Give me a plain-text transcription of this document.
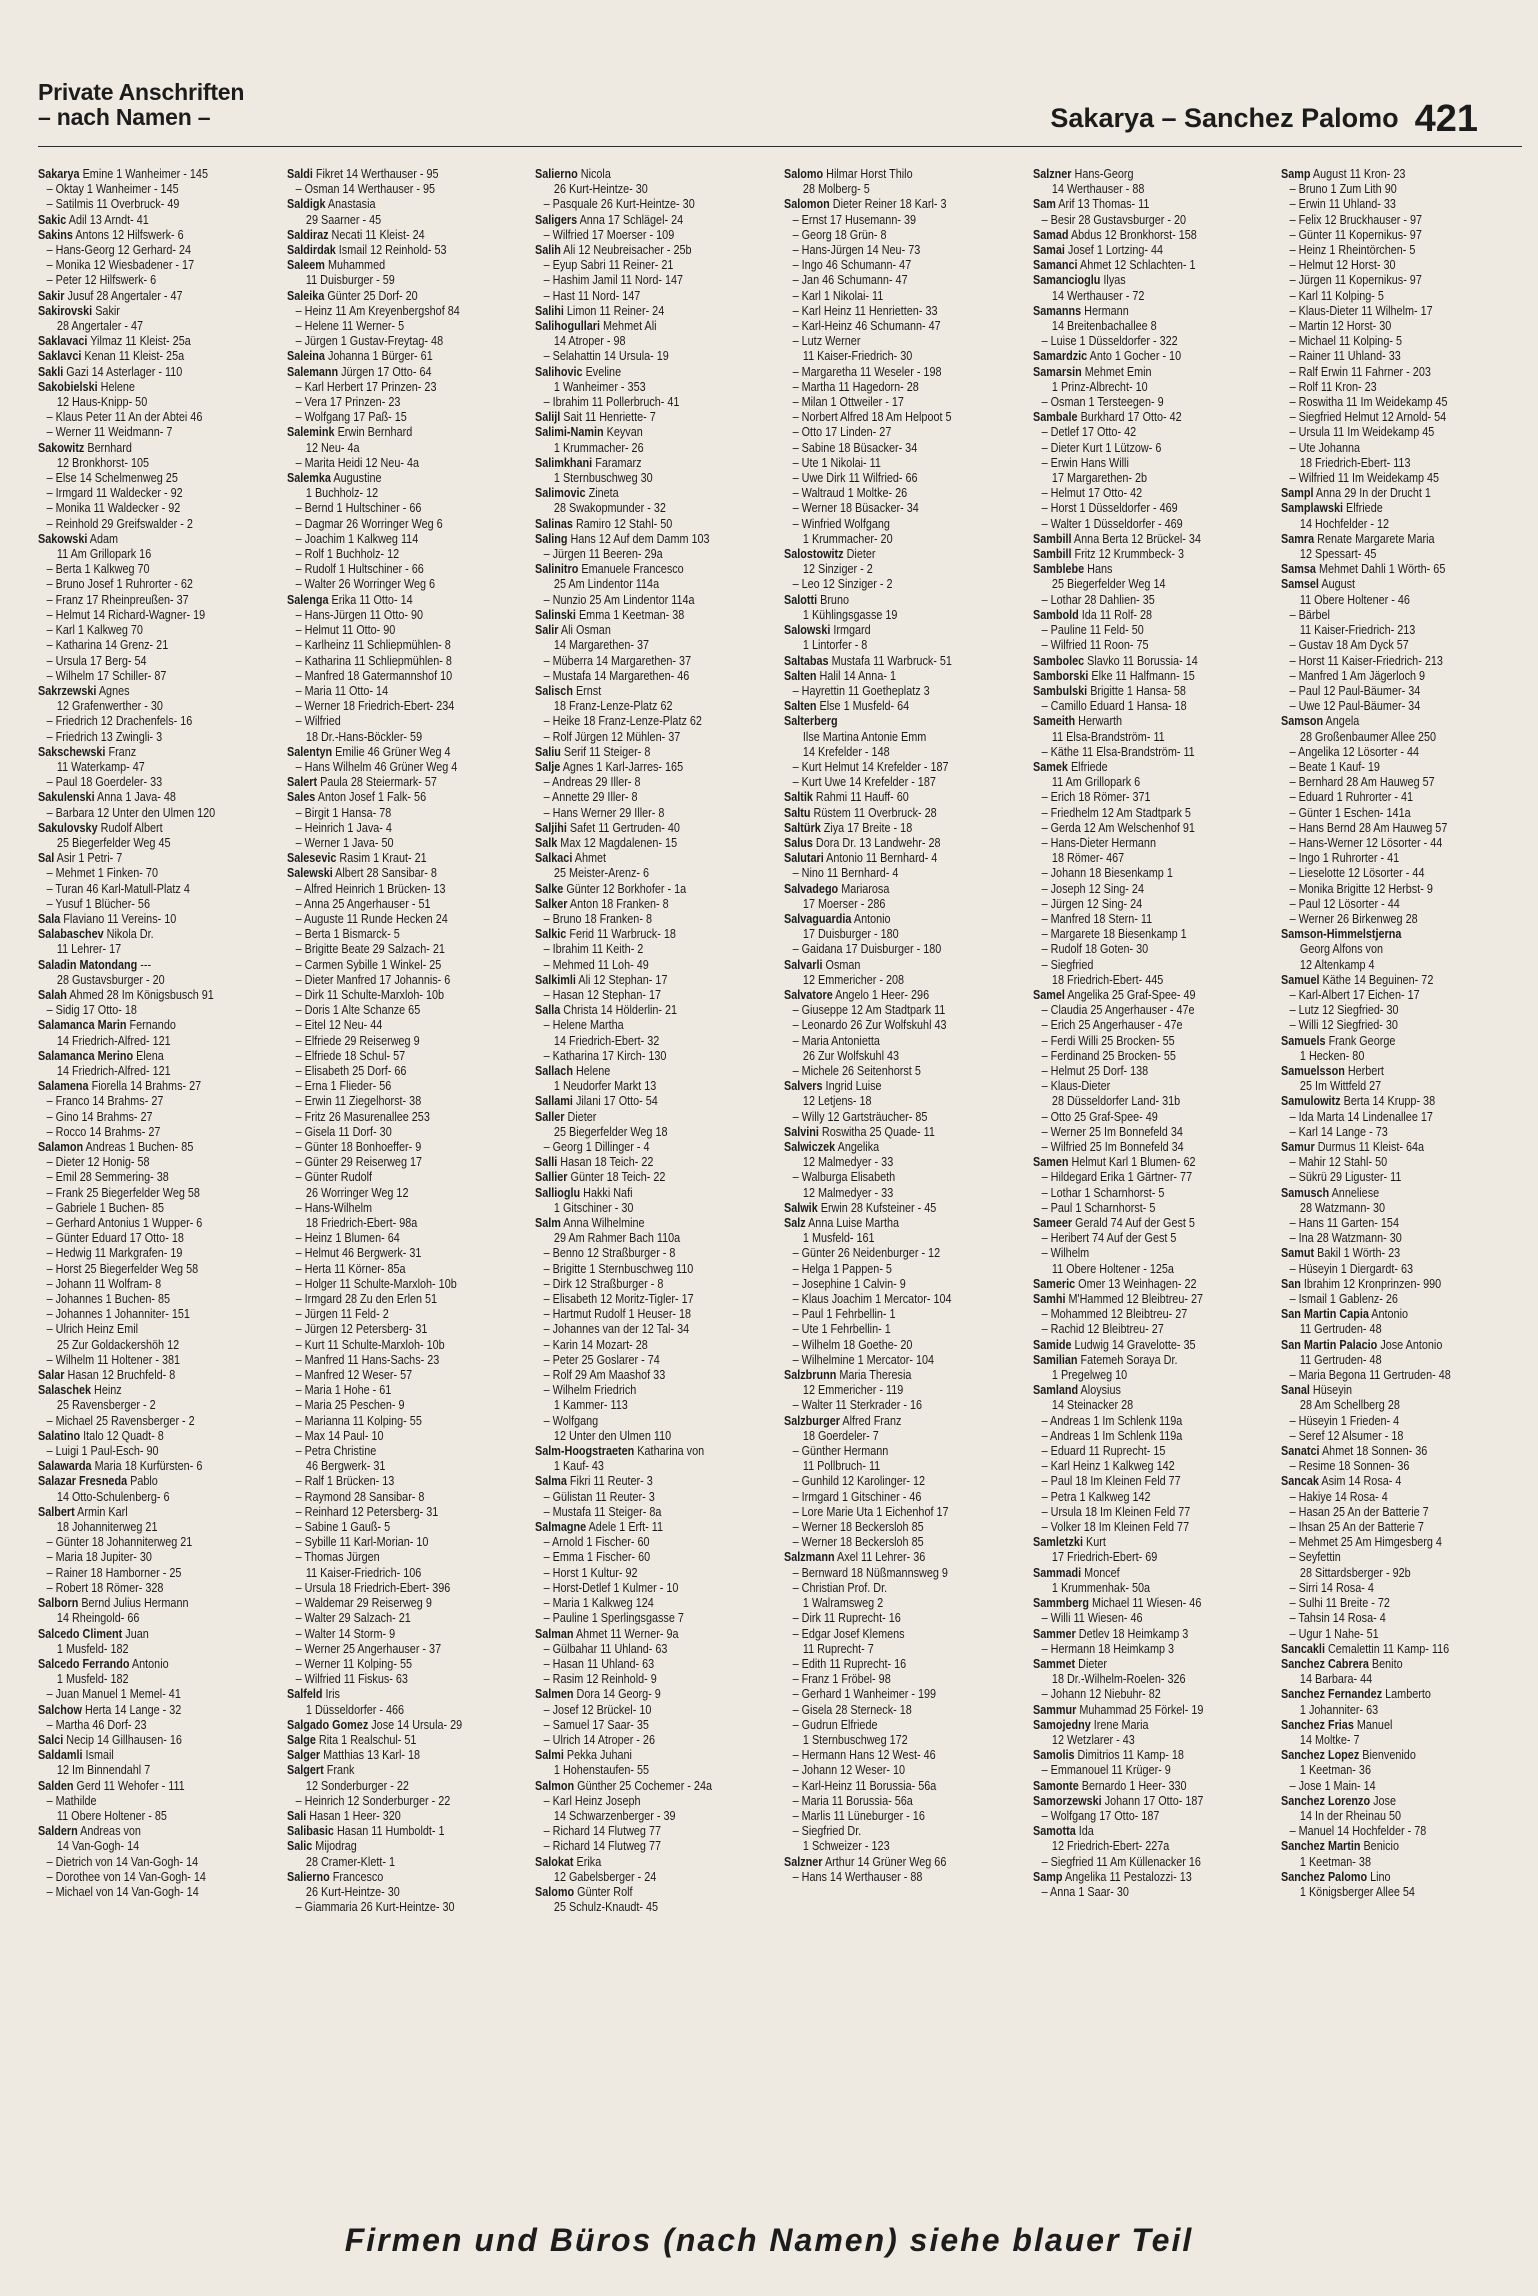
Private Anschriften
– nach Namen –	Sakarya – Sanchez Palomo 421
Sakarya Emine 1 Wanheimer - 145
– Oktay 1 Wanheimer - 145
– Satilmis 11 Overbruck- 49
Sakic Adil 13 Arndt- 41
Sakins Antons 12 Hilfswerk- 6
– Hans-Georg 12 Gerhard- 24
– Monika 12 Wiesbadener - 17
– Peter 12 Hilfswerk- 6
Sakir Jusuf 28 Angertaler - 47
Sakirovski Sakir
28 Angertaler - 47
Saklavaci Yilmaz 11 Kleist- 25a
Saklavci Kenan 11 Kleist- 25a
Sakli Gazi 14 Asterlager - 110
Sakobielski Helene
12 Haus-Knipp- 50
– Klaus Peter 11 An der Abtei 46
– Werner 11 Weidmann- 7
Sakowitz Bernhard
12 Bronkhorst- 105
– Else 14 Schelmenweg 25
– Irmgard 11 Waldecker - 92
– Monika 11 Waldecker - 92
– Reinhold 29 Greifswalder - 2
Sakowski Adam
11 Am Grillopark 16
– Berta 1 Kalkweg 70
– Bruno Josef 1 Ruhrorter - 62
– Franz 17 Rheinpreußen- 37
– Helmut 14 Richard-Wagner- 19
– Karl 1 Kalkweg 70
– Katharina 14 Grenz- 21
– Ursula 17 Berg- 54
– Wilhelm 17 Schiller- 87
Sakrzewski Agnes
12 Grafenwerther - 30
– Friedrich 12 Drachenfels- 16
– Friedrich 13 Zwingli- 3
Sakschewski Franz
11 Waterkamp- 47
– Paul 18 Goerdeler- 33
Sakulenski Anna 1 Java- 48
– Barbara 12 Unter den Ulmen 120
Sakulovsky Rudolf Albert
25 Biegerfelder Weg 45
Sal Asir 1 Petri- 7
– Mehmet 1 Finken- 70
– Turan 46 Karl-Matull-Platz 4
– Yusuf 1 Blücher- 56
Sala Flaviano 11 Vereins- 10
Salabaschev Nikola Dr.
11 Lehrer- 17
Saladin Matondang ---
28 Gustavsburger - 20
Salah Ahmed 28 Im Königsbusch 91
– Sidig 17 Otto- 18
Salamanca Marin Fernando
14 Friedrich-Alfred- 121
Salamanca Merino Elena
14 Friedrich-Alfred- 121
Salamena Fiorella 14 Brahms- 27
– Franco 14 Brahms- 27
– Gino 14 Brahms- 27
– Rocco 14 Brahms- 27
Salamon Andreas 1 Buchen- 85
– Dieter 12 Honig- 58
– Emil 28 Semmering- 38
– Frank 25 Biegerfelder Weg 58
– Gabriele 1 Buchen- 85
– Gerhard Antonius 1 Wupper- 6
– Günter Eduard 17 Otto- 18
– Hedwig 11 Markgrafen- 19
– Horst 25 Biegerfelder Weg 58
– Johann 11 Wolfram- 8
– Johannes 1 Buchen- 85
– Johannes 1 Johanniter- 151
– Ulrich Heinz Emil
25 Zur Goldackershöh 12
– Wilhelm 11 Holtener - 381
Salar Hasan 12 Bruchfeld- 8
Salaschek Heinz
25 Ravensberger - 2
– Michael 25 Ravensberger - 2
Salatino Italo 12 Quadt- 8
– Luigi 1 Paul-Esch- 90
Salawarda Maria 18 Kurfürsten- 6
Salazar Fresneda Pablo
14 Otto-Schulenberg- 6
Salbert Armin Karl
18 Johanniterweg 21
– Günter 18 Johanniterweg 21
– Maria 18 Jupiter- 30
– Rainer 18 Hamborner - 25
– Robert 18 Römer- 328
Salborn Bernd Julius Hermann
14 Rheingold- 66
Salcedo Climent Juan
1 Musfeld- 182
Salcedo Ferrando Antonio
1 Musfeld- 182
– Juan Manuel 1 Memel- 41
Salchow Herta 14 Lange - 32
– Martha 46 Dorf- 23
Salci Necip 14 Gillhausen- 16
Saldamli Ismail
12 Im Binnendahl 7
Salden Gerd 11 Wehofer - 111
– Mathilde
11 Obere Holtener - 85
Saldern Andreas von
14 Van-Gogh- 14
– Dietrich von 14 Van-Gogh- 14
– Dorothee von 14 Van-Gogh- 14
– Michael von 14 Van-Gogh- 14
Saldi Fikret 14 Werthauser - 95
– Osman 14 Werthauser - 95
Saldigk Anastasia
29 Saarner - 45
Saldiraz Necati 11 Kleist- 24
Saldirdak Ismail 12 Reinhold- 53
Saleem Muhammed
11 Duisburger - 59
Saleika Günter 25 Dorf- 20
– Heinz 11 Am Kreyenbergshof 84
– Helene 11 Werner- 5
– Jürgen 1 Gustav-Freytag- 48
Saleina Johanna 1 Bürger- 61
Salemann Jürgen 17 Otto- 64
– Karl Herbert 17 Prinzen- 23
– Vera 17 Prinzen- 23
– Wolfgang 17 Paß- 15
Salemink Erwin Bernhard
12 Neu- 4a
– Marita Heidi 12 Neu- 4a
Salemka Augustine
1 Buchholz- 12
– Bernd 1 Hultschiner - 66
– Dagmar 26 Worringer Weg 6
– Joachim 1 Kalkweg 114
– Rolf 1 Buchholz- 12
– Rudolf 1 Hultschiner - 66
– Walter 26 Worringer Weg 6
Salenga Erika 11 Otto- 14
– Hans-Jürgen 11 Otto- 90
– Helmut 11 Otto- 90
– Karlheinz 11 Schliepmühlen- 8
– Katharina 11 Schliepmühlen- 8
– Manfred 18 Gatermannshof 10
– Maria 11 Otto- 14
– Werner 18 Friedrich-Ebert- 234
– Wilfried
18 Dr.-Hans-Böckler- 59
Salentyn Emilie 46 Grüner Weg 4
– Hans Wilhelm 46 Grüner Weg 4
Salert Paula 28 Steiermark- 57
Sales Anton Josef 1 Falk- 56
– Birgit 1 Hansa- 78
– Heinrich 1 Java- 4
– Werner 1 Java- 50
Salesevic Rasim 1 Kraut- 21
Salewski Albert 28 Sansibar- 8
– Alfred Heinrich 1 Brücken- 13
– Anna 25 Angerhauser - 51
– Auguste 11 Runde Hecken 24
– Berta 1 Bismarck- 5
– Brigitte Beate 29 Salzach- 21
– Carmen Sybille 1 Winkel- 25
– Dieter Manfred 17 Johannis- 6
– Dirk 11 Schulte-Marxloh- 10b
– Doris 1 Alte Schanze 65
– Eitel 12 Neu- 44
– Elfriede 29 Reiserweg 9
– Elfriede 18 Schul- 57
– Elisabeth 25 Dorf- 66
– Erna 1 Flieder- 56
– Erwin 11 Ziegelhorst- 38
– Fritz 26 Masurenallee 253
– Gisela 11 Dorf- 30
– Günter 18 Bonhoeffer- 9
– Günter 29 Reiserweg 17
– Günter Rudolf
26 Worringer Weg 12
– Hans-Wilhelm
18 Friedrich-Ebert- 98a
– Heinz 1 Blumen- 64
– Helmut 46 Bergwerk- 31
– Herta 11 Körner- 85a
– Holger 11 Schulte-Marxloh- 10b
– Irmgard 28 Zu den Erlen 51
– Jürgen 11 Feld- 2
– Jürgen 12 Petersberg- 31
– Kurt 11 Schulte-Marxloh- 10b
– Manfred 11 Hans-Sachs- 23
– Manfred 12 Weser- 57
– Maria 1 Hohe - 61
– Maria 25 Peschen- 9
– Marianna 11 Kolping- 55
– Max 14 Paul- 10
– Petra Christine
46 Bergwerk- 31
– Ralf 1 Brücken- 13
– Raymond 28 Sansibar- 8
– Reinhard 12 Petersberg- 31
– Sabine 1 Gauß- 5
– Sybille 11 Karl-Morian- 10
– Thomas Jürgen
11 Kaiser-Friedrich- 106
– Ursula 18 Friedrich-Ebert- 396
– Waldemar 29 Reiserweg 9
– Walter 29 Salzach- 21
– Walter 14 Storm- 9
– Werner 25 Angerhauser - 37
– Werner 11 Kolping- 55
– Wilfried 11 Fiskus- 63
Salfeld Iris
1 Düsseldorfer - 466
Salgado Gomez Jose 14 Ursula- 29
Salge Rita 1 Realschul- 51
Salger Matthias 13 Karl- 18
Salgert Frank
12 Sonderburger - 22
– Heinrich 12 Sonderburger - 22
Sali Hasan 1 Heer- 320
Salibasic Hasan 11 Humboldt- 1
Salic Mijodrag
28 Cramer-Klett- 1
Salierno Francesco
26 Kurt-Heintze- 30
– Giammaria 26 Kurt-Heintze- 30
Salierno Nicola
26 Kurt-Heintze- 30
– Pasquale 26 Kurt-Heintze- 30
Saligers Anna 17 Schlägel- 24
– Wilfried 17 Moerser - 109
Salih Ali 12 Neubreisacher - 25b
– Eyup Sabri 11 Reiner- 21
– Hashim Jamil 11 Nord- 147
– Hast 11 Nord- 147
Salihi Limon 11 Reiner- 24
Salihogullari Mehmet Ali
14 Atroper - 98
– Selahattin 14 Ursula- 19
Salihovic Eveline
1 Wanheimer - 353
– Ibrahim 11 Pollerbruch- 41
Salijl Sait 11 Henriette- 7
Salimi-Namin Keyvan
1 Krummacher- 26
Salimkhani Faramarz
1 Sternbuschweg 30
Salimovic Zineta
28 Swakopmunder - 32
Salinas Ramiro 12 Stahl- 50
Saling Hans 12 Auf dem Damm 103
– Jürgen 11 Beeren- 29a
Salinitro Emanuele Francesco
25 Am Lindentor 114a
– Nunzio 25 Am Lindentor 114a
Salinski Emma 1 Keetman- 38
Salir Ali Osman
14 Margarethen- 37
– Müberra 14 Margarethen- 37
– Mustafa 14 Margarethen- 46
Salisch Ernst
18 Franz-Lenze-Platz 62
– Heike 18 Franz-Lenze-Platz 62
– Rolf Jürgen 12 Mühlen- 37
Saliu Serif 11 Steiger- 8
Salje Agnes 1 Karl-Jarres- 165
– Andreas 29 Iller- 8
– Annette 29 Iller- 8
– Hans Werner 29 Iller- 8
Saljihi Safet 11 Gertruden- 40
Salk Max 12 Magdalenen- 15
Salkaci Ahmet
25 Meister-Arenz- 6
Salke Günter 12 Borkhofer - 1a
Salker Anton 18 Franken- 8
– Bruno 18 Franken- 8
Salkic Ferid 11 Warbruck- 18
– Ibrahim 11 Keith- 2
– Mehmed 11 Loh- 49
Salkimli Ali 12 Stephan- 17
– Hasan 12 Stephan- 17
Salla Christa 14 Hölderlin- 21
– Helene Martha
14 Friedrich-Ebert- 32
– Katharina 17 Kirch- 130
Sallach Helene
1 Neudorfer Markt 13
Sallami Jilani 17 Otto- 54
Saller Dieter
25 Biegerfelder Weg 18
– Georg 1 Dillinger - 4
Salli Hasan 18 Teich- 22
Sallier Günter 18 Teich- 22
Sallioglu Hakki Nafi
1 Gitschiner - 30
Salm Anna Wilhelmine
29 Am Rahmer Bach 110a
– Benno 12 Straßburger - 8
– Brigitte 1 Sternbuschweg 110
– Dirk 12 Straßburger - 8
– Elisabeth 12 Moritz-Tigler- 17
– Hartmut Rudolf 1 Heuser- 18
– Johannes van der 12 Tal- 34
– Karin 14 Mozart- 28
– Peter 25 Goslarer - 74
– Rolf 29 Am Maashof 33
– Wilhelm Friedrich
1 Kammer- 113
– Wolfgang
12 Unter den Ulmen 110
Salm-Hoogstraeten Katharina von
1 Kauf- 43
Salma Fikri 11 Reuter- 3
– Gülistan 11 Reuter- 3
– Mustafa 11 Steiger- 8a
Salmagne Adele 1 Erft- 11
– Arnold 1 Fischer- 60
– Emma 1 Fischer- 60
– Horst 1 Kultur- 92
– Horst-Detlef 1 Kulmer - 10
– Maria 1 Kalkweg 124
– Pauline 1 Sperlingsgasse 7
Salman Ahmet 11 Werner- 9a
– Gülbahar 11 Uhland- 63
– Hasan 11 Uhland- 63
– Rasim 12 Reinhold- 9
Salmen Dora 14 Georg- 9
– Josef 12 Brückel- 10
– Samuel 17 Saar- 35
– Ulrich 14 Atroper - 26
Salmi Pekka Juhani
1 Hohenstaufen- 55
Salmon Günther 25 Cochemer - 24a
– Karl Heinz Joseph
14 Schwarzenberger - 39
– Richard 14 Flutweg 77
– Richard 14 Flutweg 77
Salokat Erika
12 Gabelsberger - 24
Salomo Günter Rolf
25 Schulz-Knaudt- 45
Salomo Hilmar Horst Thilo
28 Molberg- 5
Salomon Dieter Reiner 18 Karl- 3
– Ernst 17 Husemann- 39
– Georg 18 Grün- 8
– Hans-Jürgen 14 Neu- 73
– Ingo 46 Schumann- 47
– Jan 46 Schumann- 47
– Karl 1 Nikolai- 11
– Karl Heinz 11 Henrietten- 33
– Karl-Heinz 46 Schumann- 47
– Lutz Werner
11 Kaiser-Friedrich- 30
– Margaretha 11 Weseler - 198
– Martha 11 Hagedorn- 28
– Milan 1 Ottweiler - 17
– Norbert Alfred 18 Am Helpoot 5
– Otto 17 Linden- 27
– Sabine 18 Büsacker- 34
– Ute 1 Nikolai- 11
– Uwe Dirk 11 Wilfried- 66
– Waltraud 1 Moltke- 26
– Werner 18 Büsacker- 34
– Winfried Wolfgang
1 Krummacher- 20
Salostowitz Dieter
12 Sinziger - 2
– Leo 12 Sinziger - 2
Salotti Bruno
1 Kühlingsgasse 19
Salowski Irmgard
1 Lintorfer - 8
Saltabas Mustafa 11 Warbruck- 51
Salten Halil 14 Anna- 1
– Hayrettin 11 Goetheplatz 3
Salten Else 1 Musfeld- 64
Salterberg
Ilse Martina Antonie Emm
14 Krefelder - 148
– Kurt Helmut 14 Krefelder - 187
– Kurt Uwe 14 Krefelder - 187
Saltik Rahmi 11 Hauff- 60
Saltu Rüstem 11 Overbruck- 28
Saltürk Ziya 17 Breite - 18
Salus Dora Dr. 13 Landwehr- 28
Salutari Antonio 11 Bernhard- 4
– Nino 11 Bernhard- 4
Salvadego Mariarosa
17 Moerser - 286
Salvaguardia Antonio
17 Duisburger - 180
– Gaidana 17 Duisburger - 180
Salvarli Osman
12 Emmericher - 208
Salvatore Angelo 1 Heer- 296
– Giuseppe 12 Am Stadtpark 11
– Leonardo 26 Zur Wolfskuhl 43
– Maria Antonietta
26 Zur Wolfskuhl 43
– Michele 26 Seitenhorst 5
Salvers Ingrid Luise
12 Letjens- 18
– Willy 12 Gartsträucher- 85
Salvini Roswitha 25 Quade- 11
Salwiczek Angelika
12 Malmedyer - 33
– Walburga Elisabeth
12 Malmedyer - 33
Salwik Erwin 28 Kufsteiner - 45
Salz Anna Luise Martha
1 Musfeld- 161
– Günter 26 Neidenburger - 12
– Helga 1 Pappen- 5
– Josephine 1 Calvin- 9
– Klaus Joachim 1 Mercator- 104
– Paul 1 Fehrbellin- 1
– Ute 1 Fehrbellin- 1
– Wilhelm 18 Goethe- 20
– Wilhelmine 1 Mercator- 104
Salzbrunn Maria Theresia
12 Emmericher - 119
– Walter 11 Sterkrader - 16
Salzburger Alfred Franz
18 Goerdeler- 7
– Günther Hermann
11 Pollbruch- 11
– Gunhild 12 Karolinger- 12
– Irmgard 1 Gitschiner - 46
– Lore Marie Uta 1 Eichenhof 17
– Werner 18 Beckersloh 85
– Werner 18 Beckersloh 85
Salzmann Axel 11 Lehrer- 36
– Bernward 18 Nüßmannsweg 9
– Christian Prof. Dr.
1 Walramsweg 2
– Dirk 11 Ruprecht- 16
– Edgar Josef Klemens
11 Ruprecht- 7
– Edith 11 Ruprecht- 16
– Franz 1 Fröbel- 98
– Gerhard 1 Wanheimer - 199
– Gisela 28 Sterneck- 18
– Gudrun Elfriede
1 Sternbuschweg 172
– Hermann Hans 12 West- 46
– Johann 12 Weser- 10
– Karl-Heinz 11 Borussia- 56a
– Maria 11 Borussia- 56a
– Marlis 11 Lüneburger - 16
– Siegfried Dr.
1 Schweizer - 123
Salzner Arthur 14 Grüner Weg 66
– Hans 14 Werthauser - 88
Salzner Hans-Georg
14 Werthauser - 88
Sam Arif 13 Thomas- 11
– Besir 28 Gustavsburger - 20
Samad Abdus 12 Bronkhorst- 158
Samai Josef 1 Lortzing- 44
Samanci Ahmet 12 Schlachten- 1
Samancioglu Ilyas
14 Werthauser - 72
Samanns Hermann
14 Breitenbachallee 8
– Luise 1 Düsseldorfer - 322
Samardzic Anto 1 Gocher - 10
Samarsin Mehmet Emin
1 Prinz-Albrecht- 10
– Osman 1 Tersteegen- 9
Sambale Burkhard 17 Otto- 42
– Detlef 17 Otto- 42
– Dieter Kurt 1 Lützow- 6
– Erwin Hans Willi
17 Margarethen- 2b
– Helmut 17 Otto- 42
– Horst 1 Düsseldorfer - 469
– Walter 1 Düsseldorfer - 469
Sambill Anna Berta 12 Brückel- 34
Sambill Fritz 12 Krummbeck- 3
Samblebe Hans
25 Biegerfelder Weg 14
– Lothar 28 Dahlien- 35
Sambold Ida 11 Rolf- 28
– Pauline 11 Feld- 50
– Wilfried 11 Roon- 75
Sambolec Slavko 11 Borussia- 14
Samborski Elke 11 Halfmann- 15
Sambulski Brigitte 1 Hansa- 58
– Camillo Eduard 1 Hansa- 18
Sameith Herwarth
11 Elsa-Brandström- 11
– Käthe 11 Elsa-Brandström- 11
Samek Elfriede
11 Am Grillopark 6
– Erich 18 Römer- 371
– Friedhelm 12 Am Stadtpark 5
– Gerda 12 Am Welschenhof 91
– Hans-Dieter Hermann
18 Römer- 467
– Johann 18 Biesenkamp 1
– Joseph 12 Sing- 24
– Jürgen 12 Sing- 24
– Manfred 18 Stern- 11
– Margarete 18 Biesenkamp 1
– Rudolf 18 Goten- 30
– Siegfried
18 Friedrich-Ebert- 445
Samel Angelika 25 Graf-Spee- 49
– Claudia 25 Angerhauser - 47e
– Erich 25 Angerhauser - 47e
– Ferdi Willi 25 Brocken- 55
– Ferdinand 25 Brocken- 55
– Helmut 25 Dorf- 138
– Klaus-Dieter
28 Düsseldorfer Land- 31b
– Otto 25 Graf-Spee- 49
– Werner 25 Im Bonnefeld 34
– Wilfried 25 Im Bonnefeld 34
Samen Helmut Karl 1 Blumen- 62
– Hildegard Erika 1 Gärtner- 77
– Lothar 1 Scharnhorst- 5
– Paul 1 Scharnhorst- 5
Sameer Gerald 74 Auf der Gest 5
– Heribert 74 Auf der Gest 5
– Wilhelm
11 Obere Holtener - 125a
Sameric Omer 13 Weinhagen- 22
Samhi M'Hammed 12 Bleibtreu- 27
– Mohammed 12 Bleibtreu- 27
– Rachid 12 Bleibtreu- 27
Samide Ludwig 14 Gravelotte- 35
Samilian Fatemeh Soraya Dr.
1 Pregelweg 10
Samland Aloysius
14 Steinacker 28
– Andreas 1 Im Schlenk 119a
– Andreas 1 Im Schlenk 119a
– Eduard 11 Ruprecht- 15
– Karl Heinz 1 Kalkweg 142
– Paul 18 Im Kleinen Feld 77
– Petra 1 Kalkweg 142
– Ursula 18 Im Kleinen Feld 77
– Volker 18 Im Kleinen Feld 77
Samletzki Kurt
17 Friedrich-Ebert- 69
Sammadi Moncef
1 Krummenhak- 50a
Sammberg Michael 11 Wiesen- 46
– Willi 11 Wiesen- 46
Sammer Detlev 18 Heimkamp 3
– Hermann 18 Heimkamp 3
Sammet Dieter
18 Dr.-Wilhelm-Roelen- 326
– Johann 12 Niebuhr- 82
Sammur Muhammad 25 Förkel- 19
Samojedny Irene Maria
12 Wetzlarer - 43
Samolis Dimitrios 11 Kamp- 18
– Emmanouel 11 Krüger- 9
Samonte Bernardo 1 Heer- 330
Samorzewski Johann 17 Otto- 187
– Wolfgang 17 Otto- 187
Samotta Ida
12 Friedrich-Ebert- 227a
– Siegfried 11 Am Küllenacker 16
Samp Angelika 11 Pestalozzi- 13
– Anna 1 Saar- 30
Samp August 11 Kron- 23
– Bruno 1 Zum Lith 90
– Erwin 11 Uhland- 33
– Felix 12 Bruckhauser - 97
– Günter 11 Kopernikus- 97
– Heinz 1 Rheintörchen- 5
– Helmut 12 Horst- 30
– Jürgen 11 Kopernikus- 97
– Karl 11 Kolping- 5
– Klaus-Dieter 11 Wilhelm- 17
– Martin 12 Horst- 30
– Michael 11 Kolping- 5
– Rainer 11 Uhland- 33
– Ralf Erwin 11 Fahrner - 203
– Rolf 11 Kron- 23
– Roswitha 11 Im Weidekamp 45
– Siegfried Helmut 12 Arnold- 54
– Ursula 11 Im Weidekamp 45
– Ute Johanna
18 Friedrich-Ebert- 113
– Wilfried 11 Im Weidekamp 45
Sampl Anna 29 In der Drucht 1
Samplawski Elfriede
14 Hochfelder - 12
Samra Renate Margarete Maria
12 Spessart- 45
Samsa Mehmet Dahli 1 Wörth- 65
Samsel August
11 Obere Holtener - 46
– Bärbel
11 Kaiser-Friedrich- 213
– Gustav 18 Am Dyck 57
– Horst 11 Kaiser-Friedrich- 213
– Manfred 1 Am Jägerloch 9
– Paul 12 Paul-Bäumer- 34
– Uwe 12 Paul-Bäumer- 34
Samson Angela
28 Großenbaumer Allee 250
– Angelika 12 Lösorter - 44
– Beate 1 Kauf- 19
– Bernhard 28 Am Hauweg 57
– Eduard 1 Ruhrorter - 41
– Günter 1 Eschen- 141a
– Hans Bernd 28 Am Hauweg 57
– Hans-Werner 12 Lösorter - 44
– Ingo 1 Ruhrorter - 41
– Lieselotte 12 Lösorter - 44
– Monika Brigitte 12 Herbst- 9
– Paul 12 Lösorter - 44
– Werner 26 Birkenweg 28
Samson-Himmelstjerna
Georg Alfons von
12 Altenkamp 4
Samuel Käthe 14 Beguinen- 72
– Karl-Albert 17 Eichen- 17
– Lutz 12 Siegfried- 30
– Willi 12 Siegfried- 30
Samuels Frank George
1 Hecken- 80
Samuelsson Herbert
25 Im Wittfeld 27
Samulowitz Berta 14 Krupp- 38
– Ida Marta 14 Lindenallee 17
– Karl 14 Lange - 73
Samur Durmus 11 Kleist- 64a
– Mahir 12 Stahl- 50
– Sükrü 29 Liguster- 11
Samusch Anneliese
28 Watzmann- 30
– Hans 11 Garten- 154
– Ina 28 Watzmann- 30
Samut Bakil 1 Wörth- 23
– Hüseyin 1 Diergardt- 63
San Ibrahim 12 Kronprinzen- 990
– Ismail 1 Gablenz- 26
San Martin Capia Antonio
11 Gertruden- 48
San Martin Palacio Jose Antonio
11 Gertruden- 48
– Maria Begona 11 Gertruden- 48
Sanal Hüseyin
28 Am Schellberg 28
– Hüseyin 1 Frieden- 4
– Seref 12 Alsumer - 18
Sanatci Ahmet 18 Sonnen- 36
– Resime 18 Sonnen- 36
Sancak Asim 14 Rosa- 4
– Hakiye 14 Rosa- 4
– Hasan 25 An der Batterie 7
– Ihsan 25 An der Batterie 7
– Mehmet 25 Am Himgesberg 4
– Seyfettin
28 Sittardsberger - 92b
– Sirri 14 Rosa- 4
– Sulhi 11 Breite - 72
– Tahsin 14 Rosa- 4
– Ugur 1 Nahe- 51
Sancakli Cemalettin 11 Kamp- 116
Sanchez Cabrera Benito
14 Barbara- 44
Sanchez Fernandez Lamberto
1 Johanniter- 63
Sanchez Frias Manuel
14 Moltke- 7
Sanchez Lopez Bienvenido
1 Keetman- 36
– Jose 1 Main- 14
Sanchez Lorenzo Jose
14 In der Rheinau 50
– Manuel 14 Hochfelder - 78
Sanchez Martin Benicio
1 Keetman- 38
Sanchez Palomo Lino
1 Königsberger Allee 54
Firmen und Büros (nach Namen) siehe blauer Teil
